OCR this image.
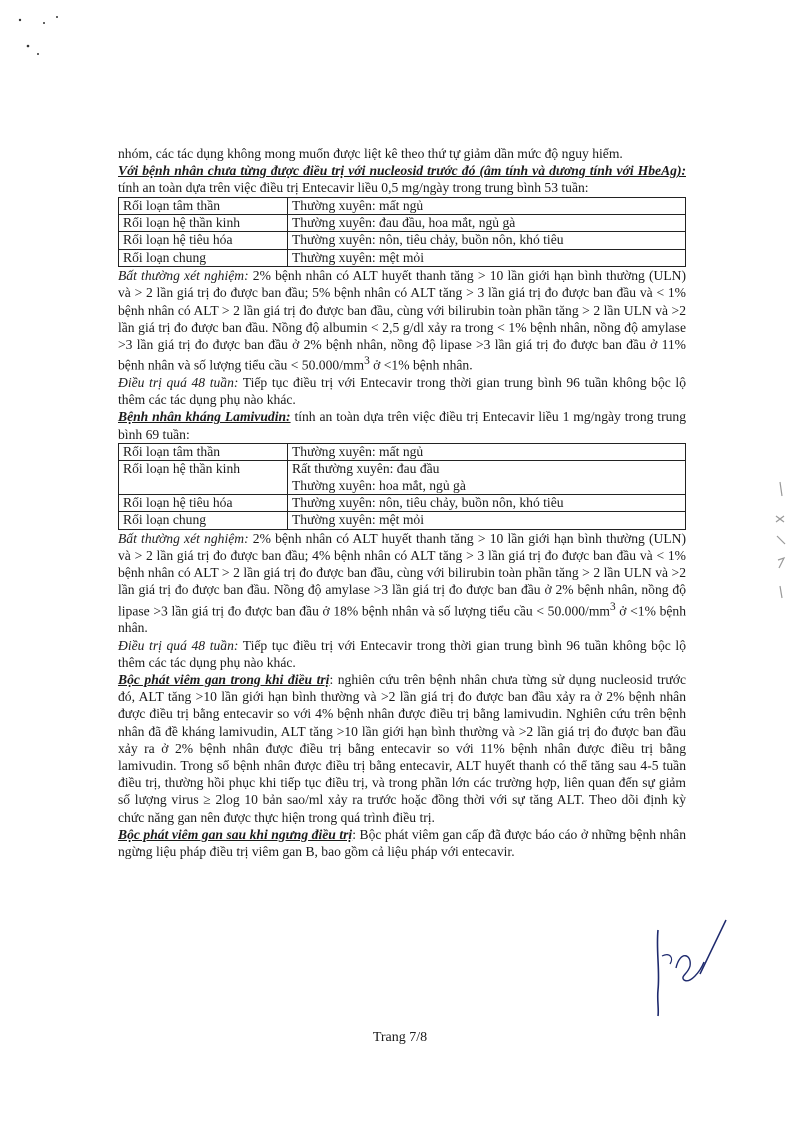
nhóm, các tác dụng không mong muốn được liệt kê theo thứ tự giảm dần mức độ nguy hiểm.

Với bệnh nhân chưa từng được điều trị với nucleosid trước đó (âm tính và dương tính với HbeAg): tính an toàn dựa trên việc điều trị Entecavir liều 0,5 mg/ngày trong trung bình 53 tuần:

Rối loạn tâm thần	Thường xuyên: mất ngủ
Rối loạn hệ thần kinh	Thường xuyên: đau đầu, hoa mắt, ngủ gà
Rối loạn hệ tiêu hóa	Thường xuyên: nôn, tiêu chảy, buồn nôn, khó tiêu
Rối loạn chung	Thường xuyên: mệt mỏi

Bất thường xét nghiệm: 2% bệnh nhân có ALT huyết thanh tăng > 10 lần giới hạn bình thường (ULN) và > 2 lần giá trị đo được ban đầu; 5% bệnh nhân có ALT tăng > 3 lần giá trị đo được ban đầu và < 1% bệnh nhân có ALT > 2 lần giá trị đo được ban đầu, cùng với bilirubin toàn phần tăng > 2 lần ULN và >2 lần giá trị đo được ban đầu. Nồng độ albumin < 2,5 g/dl xảy ra trong < 1% bệnh nhân, nồng độ amylase >3 lần giá trị đo được ban đầu ở 2% bệnh nhân, nồng độ lipase >3 lần giá trị đo được ban đầu ở 11% bệnh nhân và số lượng tiểu cầu < $50.000/mm^3$ ở <1% bệnh nhân.

Điều trị quá 48 tuần: Tiếp tục điều trị với Entecavir trong thời gian trung bình 96 tuần không bộc lộ thêm các tác dụng phụ nào khác.

Bệnh nhân kháng Lamivudin: tính an toàn dựa trên việc điều trị Entecavir liều 1 mg/ngày trong trung bình 69 tuần:

Rối loạn tâm thần	Thường xuyên: mất ngủ
Rối loạn hệ thần kinh	Rất thường xuyên: đau đầu
Thường xuyên: hoa mắt, ngủ gà

Rối loạn hệ tiêu hóa	Thường xuyên: nôn, tiêu chảy, buồn nôn, khó tiêu
Rối loạn chung	Thường xuyên: mệt mỏi

Bất thường xét nghiệm: 2% bệnh nhân có ALT huyết thanh tăng > 10 lần giới hạn bình thường (ULN) và > 2 lần giá trị đo được ban đầu; 4% bệnh nhân có ALT tăng > 3 lần giá trị đo được ban đầu và < 1% bệnh nhân có ALT > 2 lần giá trị đo được ban đầu, cùng với bilirubin toàn phần tăng > 2 lần ULN và >2 lần giá trị đo được ban đầu. Nồng độ amylase >3 lần giá trị đo được ban đầu ở 2% bệnh nhân, nồng độ lipase >3 lần giá trị đo được ban đầu ở 18% bệnh nhân và số lượng tiểu cầu < $50.000/mm^3$ ở <1% bệnh nhân.

Điều trị quá 48 tuần: Tiếp tục điều trị với Entecavir trong thời gian trung bình 96 tuần không bộc lộ thêm các tác dụng phụ nào khác.

Bộc phát viêm gan trong khi điều trị: nghiên cứu trên bệnh nhân chưa từng sử dụng nucleosid trước đó, ALT tăng >10 lần giới hạn bình thường và >2 lần giá trị đo được ban đầu xảy ra ở 2% bệnh nhân được điều trị bằng entecavir so với 4% bệnh nhân được điều trị bằng lamivudin. Nghiên cứu trên bệnh nhân đã đề kháng lamivudin, ALT tăng >10 lần giới hạn bình thường và >2 lần giá trị đo được ban đầu xảy ra ở 2% bệnh nhân được điều trị bằng entecavir so với 11% bệnh nhân được điều trị bằng lamivudin. Trong số bệnh nhân được điều trị bằng entecavir, ALT huyết thanh có thể tăng sau 4-5 tuần điều trị, thường hồi phục khi tiếp tục điều trị, và trong phần lớn các trường hợp, liên quan đến sự giảm số lượng virus ≥ 2log 10 bản sao/ml xảy ra trước hoặc đồng thời với sự tăng ALT. Theo dõi định kỳ chức năng gan nên được thực hiện trong quá trình điều trị.

Bộc phát viêm gan sau khi ngưng điều trị: Bộc phát viêm gan cấp đã được báo cáo ở những bệnh nhân ngừng liệu pháp điều trị viêm gan B, bao gồm cả liệu pháp với entecavir.

Trang 7/8
